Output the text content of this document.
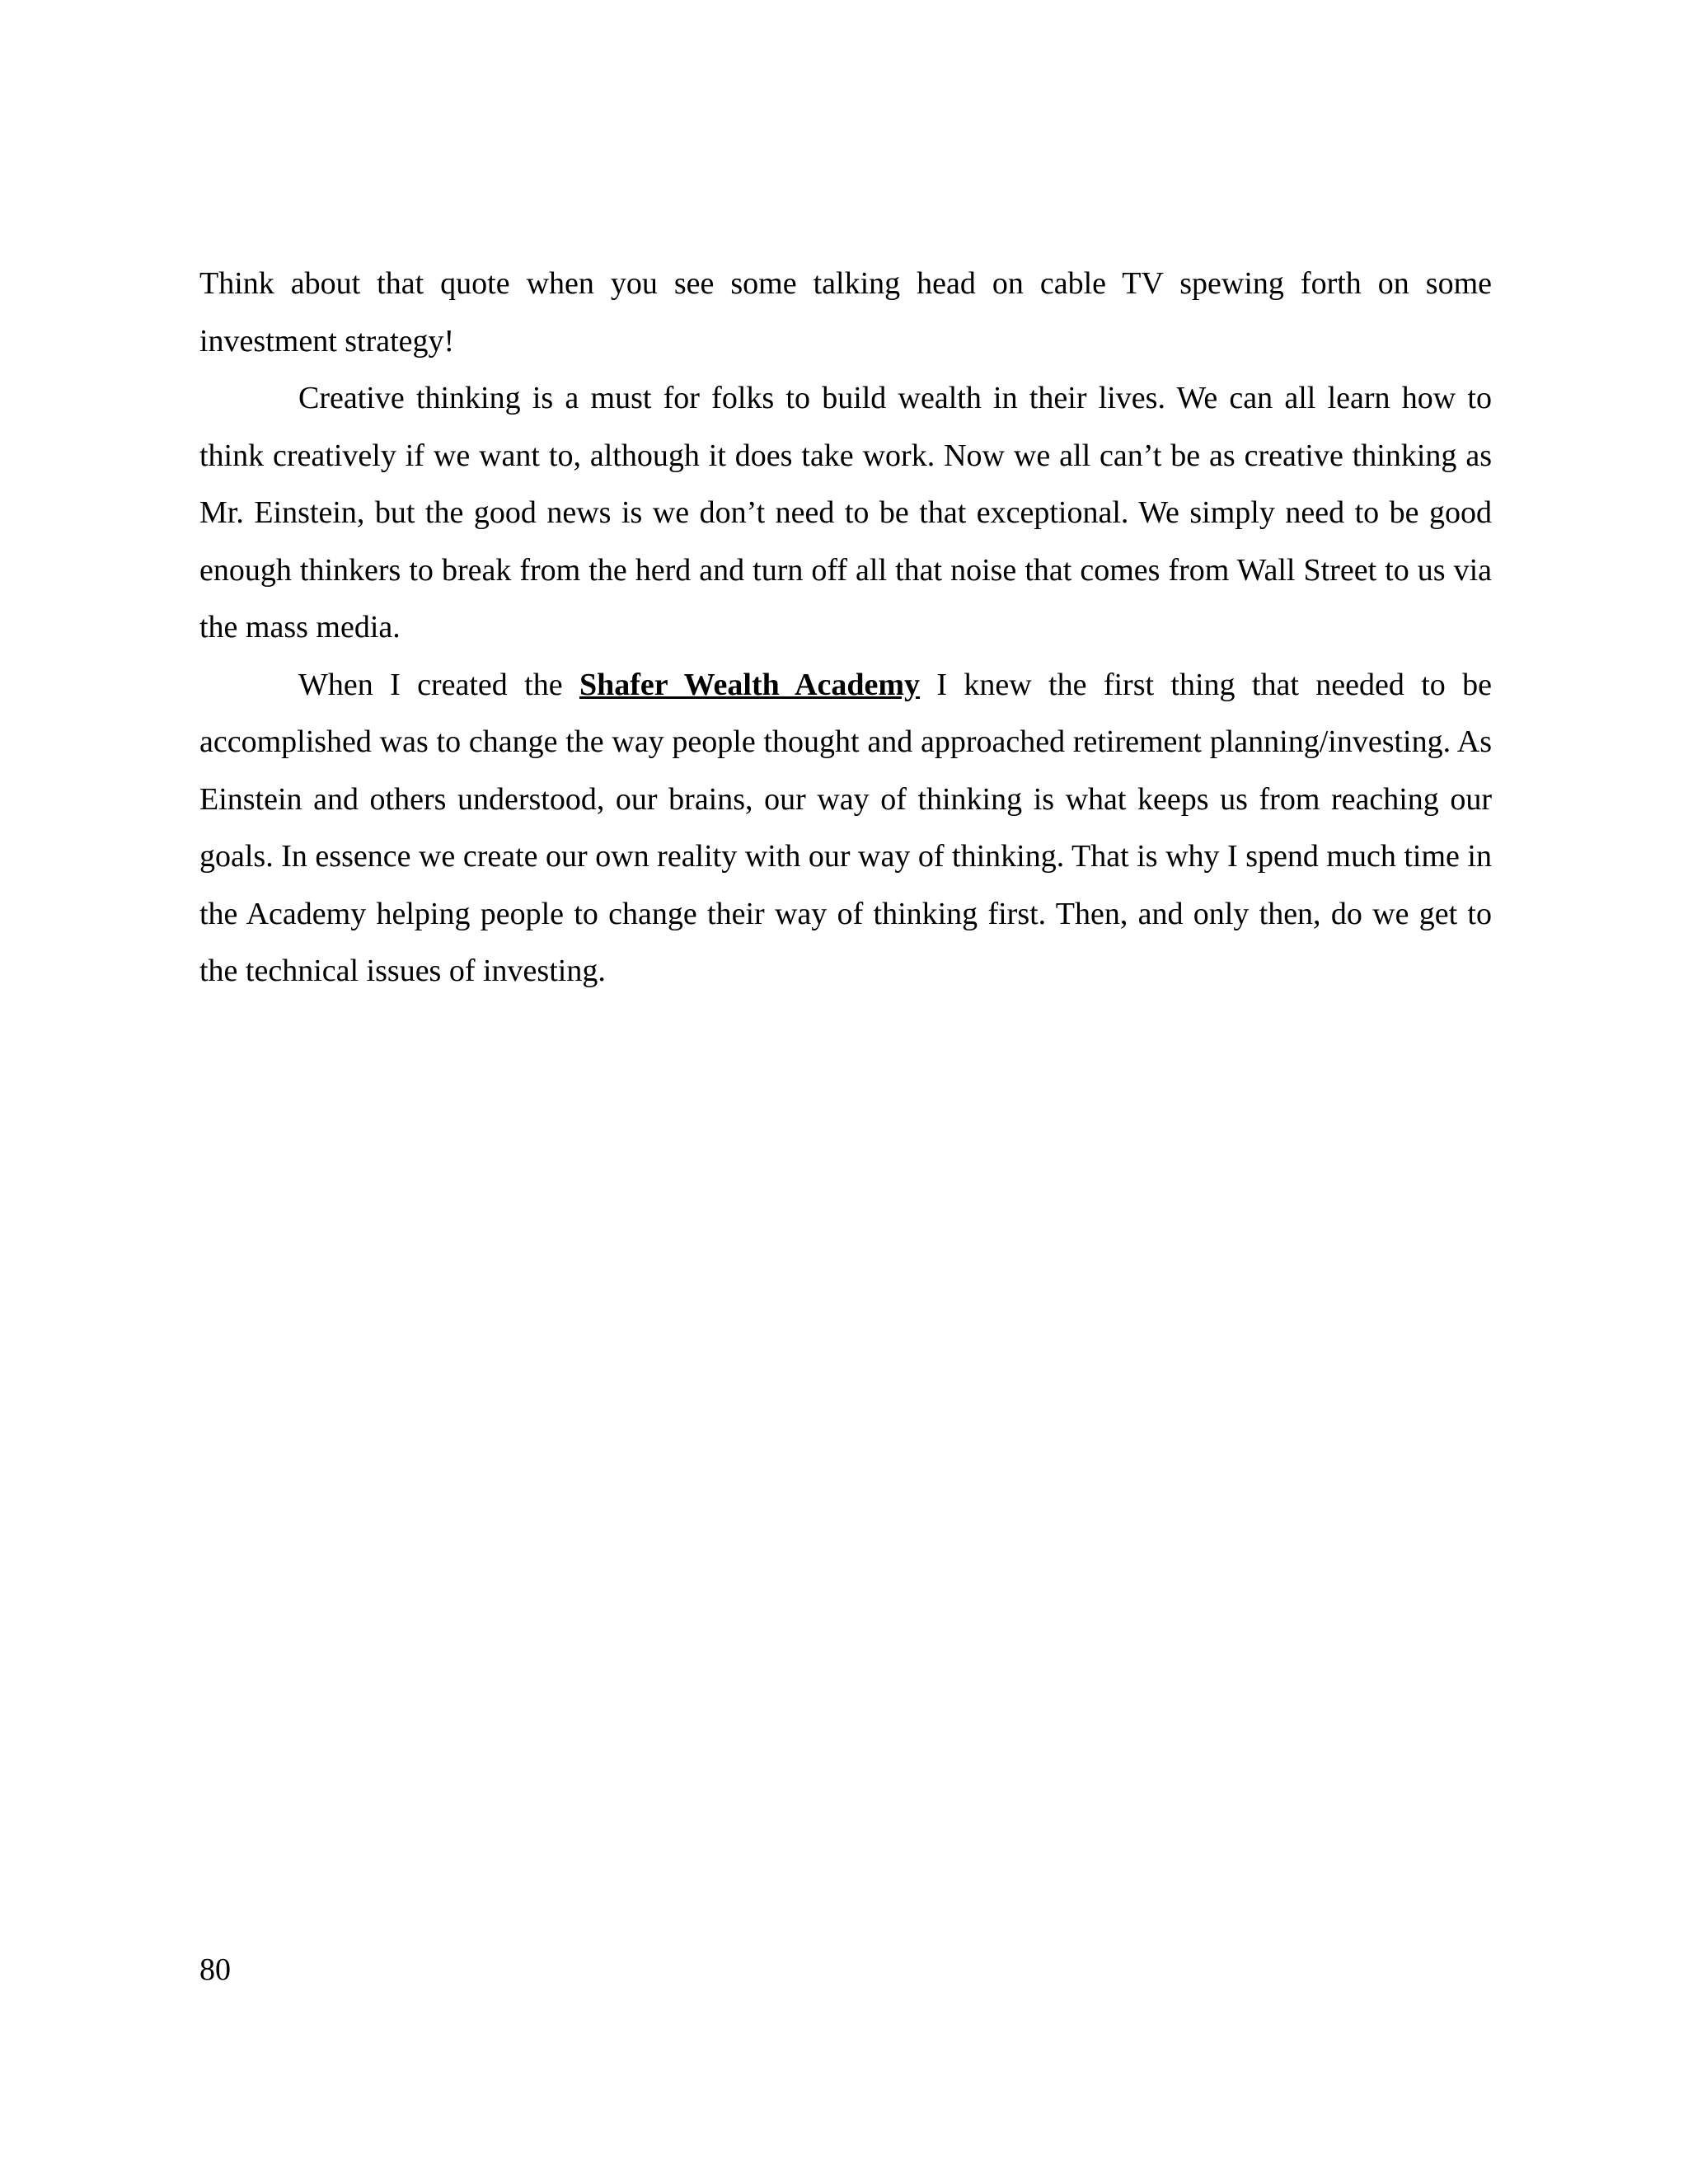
Think about that quote when you see some talking head on cable TV spewing forth on some investment strategy!

Creative thinking is a must for folks to build wealth in their lives. We can all learn how to think creatively if we want to, although it does take work. Now we all can’t be as creative thinking as Mr. Einstein, but the good news is we don’t need to be that exceptional. We simply need to be good enough thinkers to break from the herd and turn off all that noise that comes from Wall Street to us via the mass media.

When I created the Shafer Wealth Academy I knew the first thing that needed to be accomplished was to change the way people thought and approached retirement planning/investing. As Einstein and others understood, our brains, our way of thinking is what keeps us from reaching our goals. In essence we create our own reality with our way of thinking. That is why I spend much time in the Academy helping people to change their way of thinking first. Then, and only then, do we get to the technical issues of investing.

80
